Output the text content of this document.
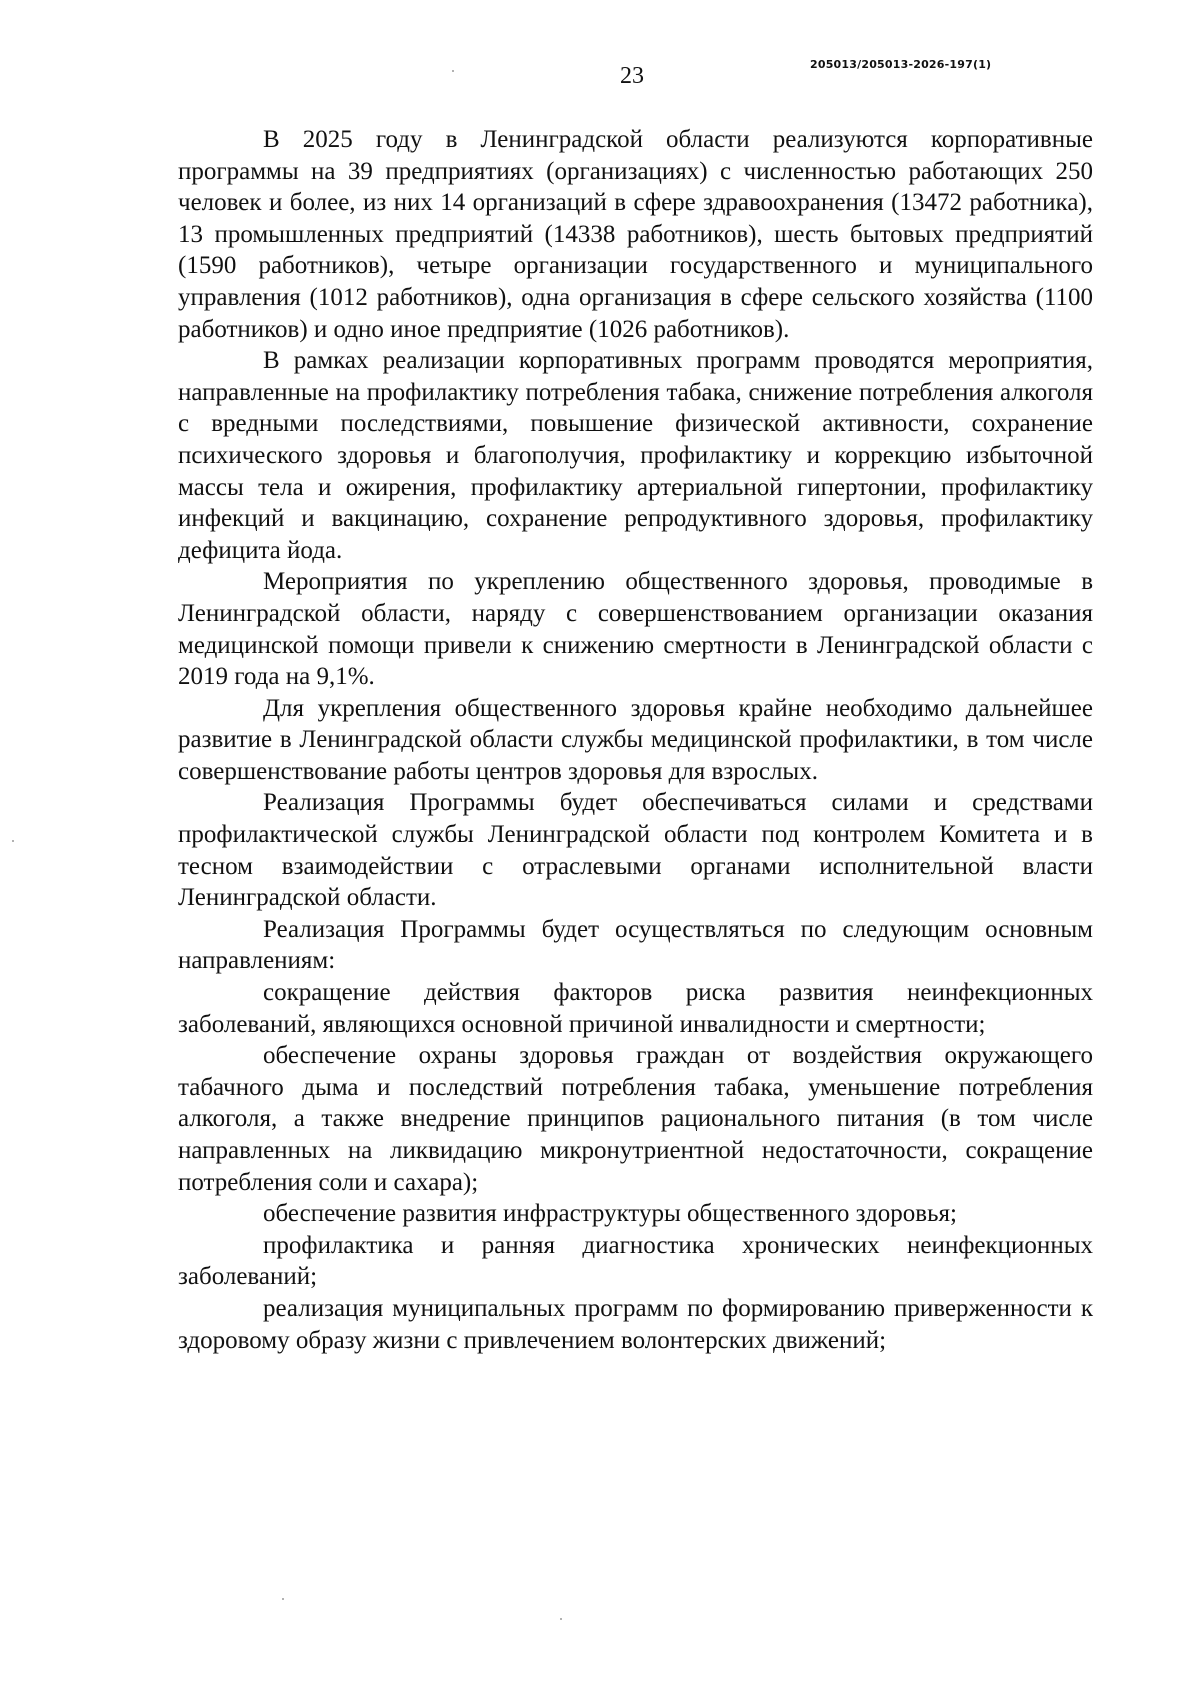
23	205013/205013-2026-197(1)

В 2025 году в Ленинградской области реализуются корпоративные программы на 39 предприятиях (организациях) с численностью работающих 250 человек и более, из них 14 организаций в сфере здравоохранения (13472 работника), 13 промышленных предприятий (14338 работников), шесть бытовых предприятий (1590 работников), четыре организации государственного и муниципального управления (1012 работников), одна организация в сфере сельского хозяйства (1100 работников) и одно иное предприятие (1026 работников).

В рамках реализации корпоративных программ проводятся мероприятия, направленные на профилактику потребления табака, снижение потребления алкоголя с вредными последствиями, повышение физической активности, сохранение психического здоровья и благополучия, профилактику и коррекцию избыточной массы тела и ожирения, профилактику артериальной гипертонии, профилактику инфекций и вакцинацию, сохранение репродуктивного здоровья, профилактику дефицита йода.

Мероприятия по укреплению общественного здоровья, проводимые в Ленинградской области, наряду с совершенствованием организации оказания медицинской помощи привели к снижению смертности в Ленинградской области с 2019 года на 9,1%.

Для укрепления общественного здоровья крайне необходимо дальнейшее развитие в Ленинградской области службы медицинской профилактики, в том числе совершенствование работы центров здоровья для взрослых.

Реализация Программы будет обеспечиваться силами и средствами профилактической службы Ленинградской области под контролем Комитета и в тесном взаимодействии с отраслевыми органами исполнительной власти Ленинградской области.

Реализация Программы будет осуществляться по следующим основным направлениям:

сокращение действия факторов риска развития неинфекционных заболеваний, являющихся основной причиной инвалидности и смертности;

обеспечение охраны здоровья граждан от воздействия окружающего табачного дыма и последствий потребления табака, уменьшение потребления алкоголя, а также внедрение принципов рационального питания (в том числе направленных на ликвидацию микронутриентной недостаточности, сокращение потребления соли и сахара);

обеспечение развития инфраструктуры общественного здоровья;

профилактика и ранняя диагностика хронических неинфекционных заболеваний;

реализация муниципальных программ по формированию приверженности к здоровому образу жизни с привлечением волонтерских движений;
